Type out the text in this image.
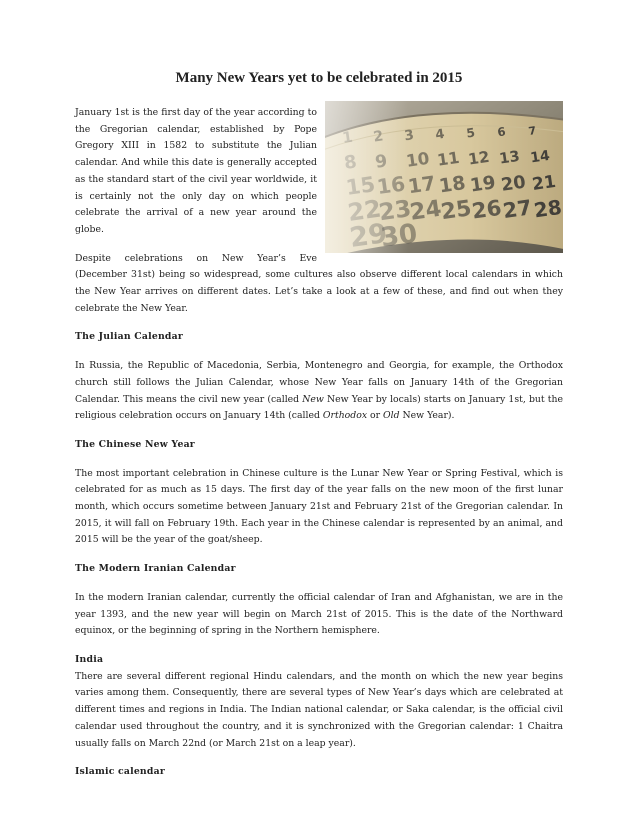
Many New Years yet to be celebrated in 2015

January 1st is the first day of the year according to the Gregorian calendar, established by Pope Gregory XIII in 1582 to substitute the Julian calendar. And while this date is generally accepted as the standard start of the civil year worldwide, it is certainly not the only day on which people celebrate the arrival of a new year around the globe.

Despite celebrations on New Year’s Eve (December 31st) being so widespread, some cultures also observe different local calendars in which the New Year arrives on different dates. Let’s take a look at a few of these, and find out when they celebrate the New Year.

The Julian Calendar

In Russia, the Republic of Macedonia, Serbia, Montenegro and Georgia, for example, the Orthodox church still follows the Julian Calendar, whose New Year falls on January 14th of the Gregorian Calendar. This means the civil new year (called New New Year by locals) starts on January 1st, but the religious celebration occurs on January 14th (called Orthodox or Old New Year).

The Chinese New Year

The most important celebration in Chinese culture is the Lunar New Year or Spring Festival, which is celebrated for as much as 15 days. The first day of the year falls on the new moon of the first lunar month, which occurs sometime between January 21st and February 21st of the Gregorian calendar. In 2015, it will fall on February 19th. Each year in the Chinese calendar is represented by an animal, and 2015 will be the year of the goat/sheep.

The Modern Iranian Calendar

In the modern Iranian calendar, currently the official calendar of Iran and Afghanistan, we are in the year 1393, and the new year will begin on March 21st of 2015. This is the date of the Northward equinox, or the beginning of spring in the Northern hemisphere.

India

There are several different regional Hindu calendars, and the month on which the new year begins varies among them. Consequently, there are several types of New Year’s days which are celebrated at different times and regions in India. The Indian national calendar, or Saka calendar, is the official civil calendar used throughout the country, and it is synchronized with the Gregorian calendar: 1 Chaitra usually falls on March 22nd (or March 21st on a leap year).

Islamic calendar
